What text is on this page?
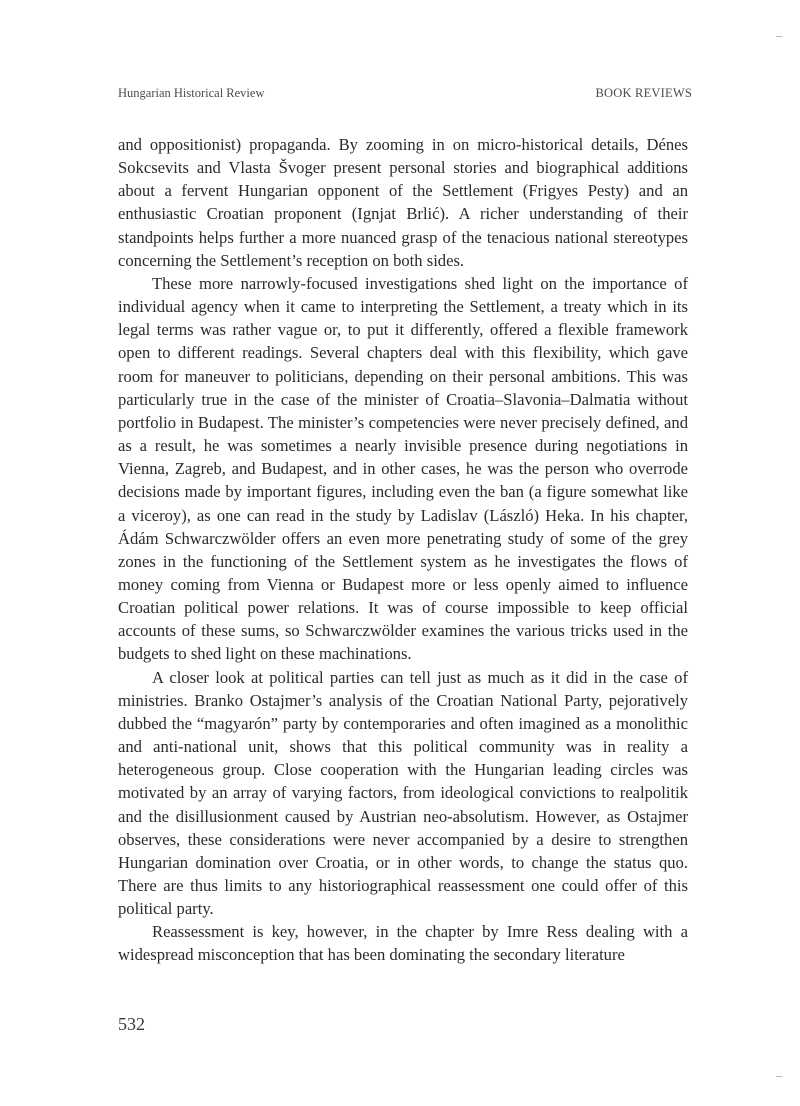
Hungarian Historical Review	BOOK REVIEWS

and oppositionist) propaganda. By zooming in on micro-historical details, Dénes Sokcsevits and Vlasta Švoger present personal stories and biographical additions about a fervent Hungarian opponent of the Settlement (Frigyes Pesty) and an enthusiastic Croatian proponent (Ignjat Brlić). A richer understanding of their standpoints helps further a more nuanced grasp of the tenacious national stereotypes concerning the Settlement’s reception on both sides.

These more narrowly-focused investigations shed light on the importance of individual agency when it came to interpreting the Settlement, a treaty which in its legal terms was rather vague or, to put it differently, offered a flexible framework open to different readings. Several chapters deal with this flexibility, which gave room for maneuver to politicians, depending on their personal ambitions. This was particularly true in the case of the minister of Croatia–Slavonia–Dalmatia without portfolio in Budapest. The minister’s competencies were never precisely defined, and as a result, he was sometimes a nearly invisible presence during negotiations in Vienna, Zagreb, and Budapest, and in other cases, he was the person who overrode decisions made by important figures, including even the ban (a figure somewhat like a viceroy), as one can read in the study by Ladislav (László) Heka. In his chapter, Ádám Schwarczwölder offers an even more penetrating study of some of the grey zones in the functioning of the Settlement system as he investigates the flows of money coming from Vienna or Budapest more or less openly aimed to influence Croatian political power relations. It was of course impossible to keep official accounts of these sums, so Schwarczwölder examines the various tricks used in the budgets to shed light on these machinations.

A closer look at political parties can tell just as much as it did in the case of ministries. Branko Ostajmer’s analysis of the Croatian National Party, pejoratively dubbed the “magyarón” party by contemporaries and often imagined as a monolithic and anti-national unit, shows that this political community was in reality a heterogeneous group. Close cooperation with the Hungarian leading circles was motivated by an array of varying factors, from ideological convictions to realpolitik and the disillusionment caused by Austrian neo-absolutism. However, as Ostajmer observes, these considerations were never accompanied by a desire to strengthen Hungarian domination over Croatia, or in other words, to change the status quo. There are thus limits to any historiographical reassessment one could offer of this political party.

Reassessment is key, however, in the chapter by Imre Ress dealing with a widespread misconception that has been dominating the secondary literature

532
